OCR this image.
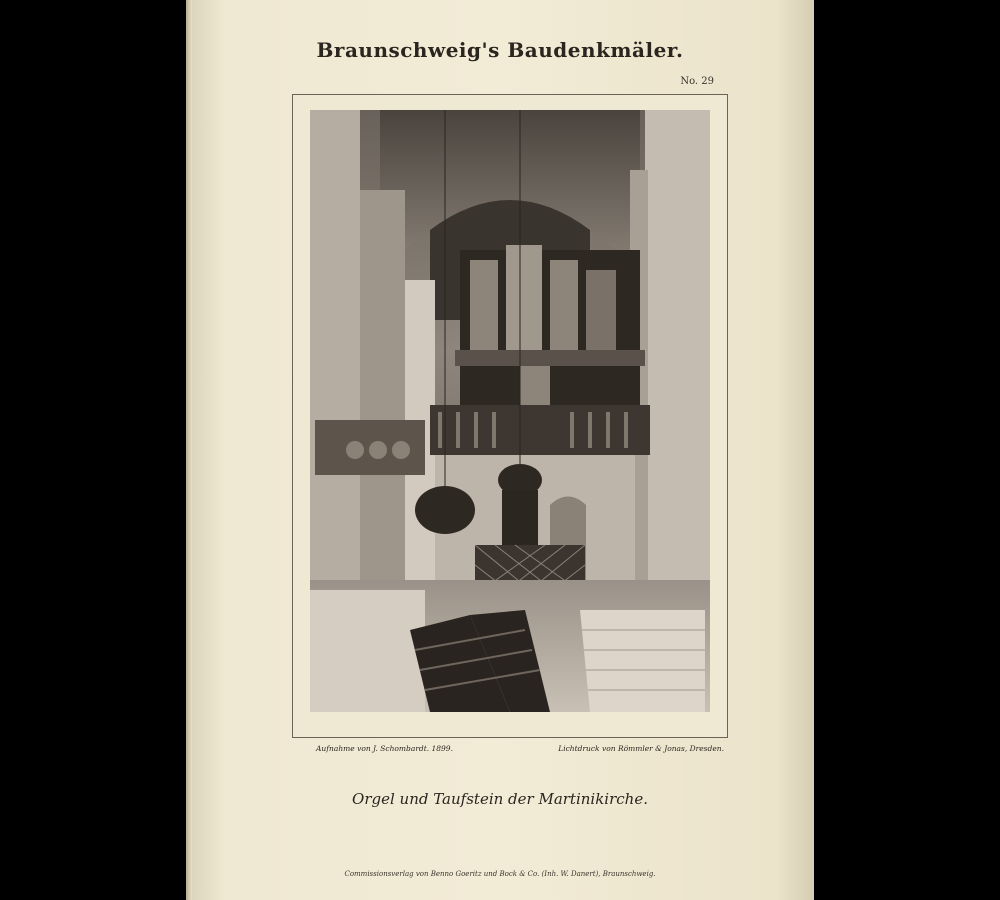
Braunschweig's Baudenkmäler.
No. 29
Aufnahme von J. Schombardt. 1899.	Lichtdruck von Römmler & Jonas, Dresden.
Orgel und Taufstein der Martinikirche.
Commissionsverlag von Benno Goeritz und Bock & Co. (Inh. W. Danert), Braunschweig.
